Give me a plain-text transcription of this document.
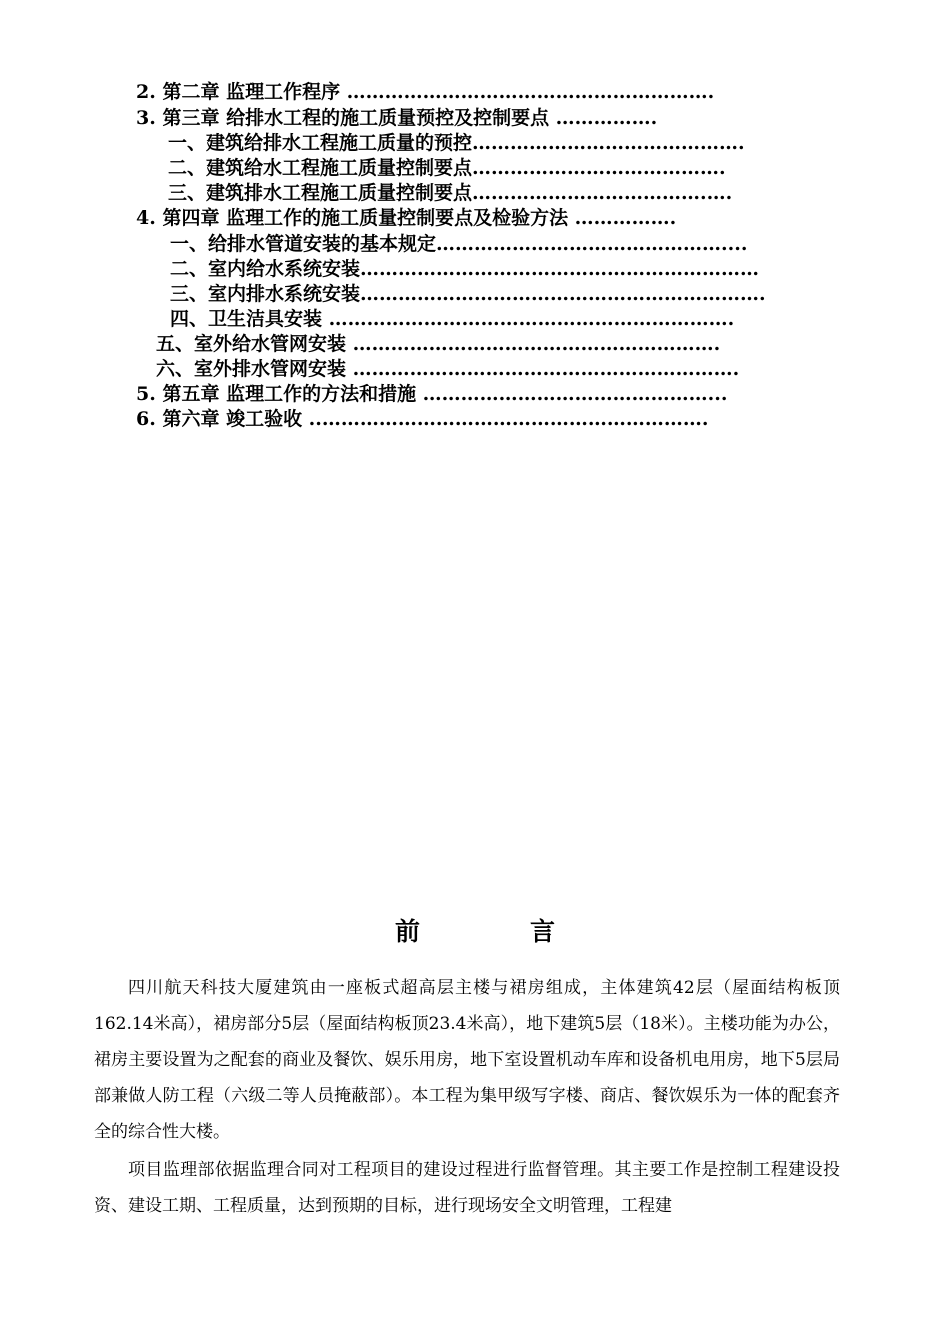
2. 第二章 监理工作程序 ………………………………………………….
3. 第三章 给排水工程的施工质量预控及控制要点 …………….
一、建筑给排水工程施工质量的预控…………………………………….
二、建筑给水工程施工质量控制要点………………………………….
三、建筑排水工程施工质量控制要点……………………………….….
4. 第四章 监理工作的施工质量控制要点及检验方法 …………….
一、给排水管道安装的基本规定………………………………………....
二、室内给水系统安装………………………………………………………
三、室内排水系统安装……………………………………………………….
四、卫生洁具安装 ……………………………………………………….
五、室外给水管网安装 ………………………………………………….
六、室外排水管网安装 …………………………………………………….
5. 第五章 监理工作的方法和措施 ………………………………………...
6. 第六章 竣工验收 ..…………………………………………………….
前	言

四川航天科技大厦建筑由一座板式超高层主楼与裙房组成，主体建筑42层（屋面结构板顶162.14米高），裙房部分5层（屋面结构板顶23.4米高），地下建筑5层（18米）。主楼功能为办公，裙房主要设置为之配套的商业及餐饮、娱乐用房，地下室设置机动车库和设备机电用房，地下5层局部兼做人防工程（六级二等人员掩蔽部）。本工程为集甲级写字楼、商店、餐饮娱乐为一体的配套齐全的综合性大楼。

项目监理部依据监理合同对工程项目的建设过程进行监督管理。其主要工作是控制工程建设投资、建设工期、工程质量，达到预期的目标，进行现场安全文明管理，工程建
